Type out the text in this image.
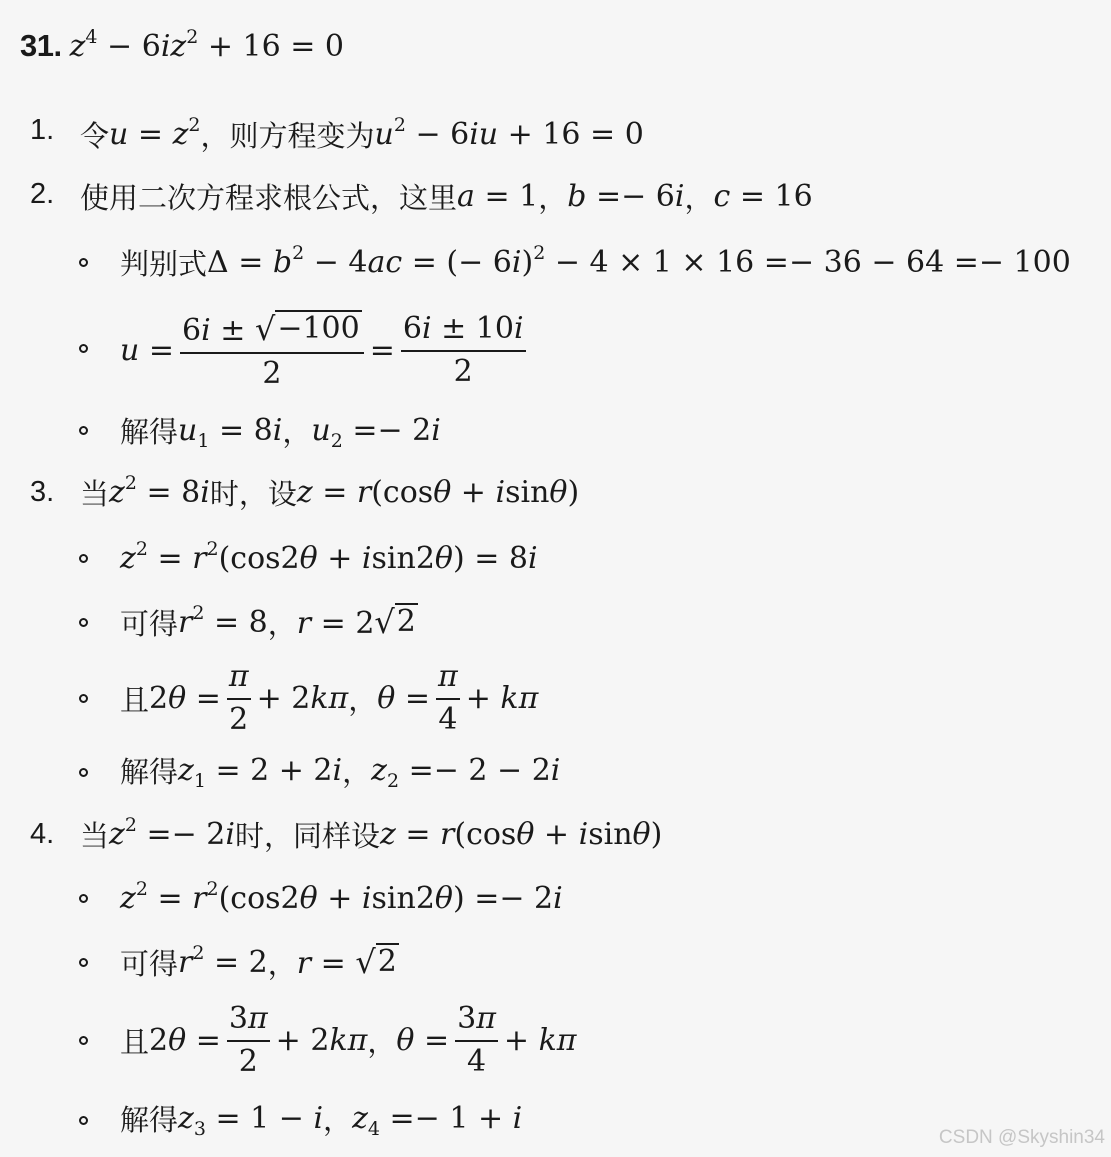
31. $z^4 - 6iz^2 + 16 = 0$
1. 令 $u = z^2$ ，则方程变为 $u^2 - 6iu + 16 = 0$
2. 使用二次方程求根公式，这里 a = 1 ， b =− 6i ， c = 16
判别式 $\Delta = b^2 - 4ac$ = (− 6i)$^2$ − 4 × 1 × 16 =− 36 − 64 =− 100
$u = \frac{6i \pm √ -100}{2} = \frac{6i \pm 10i}{2}$
解得 $u_1 = 8i$ ， $u_2 =- 2i$
3. 当 $z^2 = 8i$ 时，设 z = r(cosθ + isinθ)
$z^2 = r^2(\cos 2\theta + isin2\theta) = 8i$
可得 $r^2 = 8$ ， r = 2 √ 2
且 $2\theta = \frac{\pi}{2} + 2k\pi$ ， $\theta = \frac{\pi}{4} + k\pi$
解得 $z_1 = 2 + 2i$ ， $z_2 =- 2 - 2i$
4. 当 $z^2 =- 2i$ 时，同样设 z = r(cosθ + isinθ)
$z^2 = r^2(\cos 2\theta + isin2\theta) =- 2i$
可得 $r^2 = 2$ ， r = √ 2
且 $2\theta = \frac{3\pi}{2} + 2k\pi$ ， $\theta = \frac{3\pi}{4} + k\pi$
解得 $z_3 = 1 - i$ ， $z_4 =- 1 + i$
CSDN @Skyshin34
